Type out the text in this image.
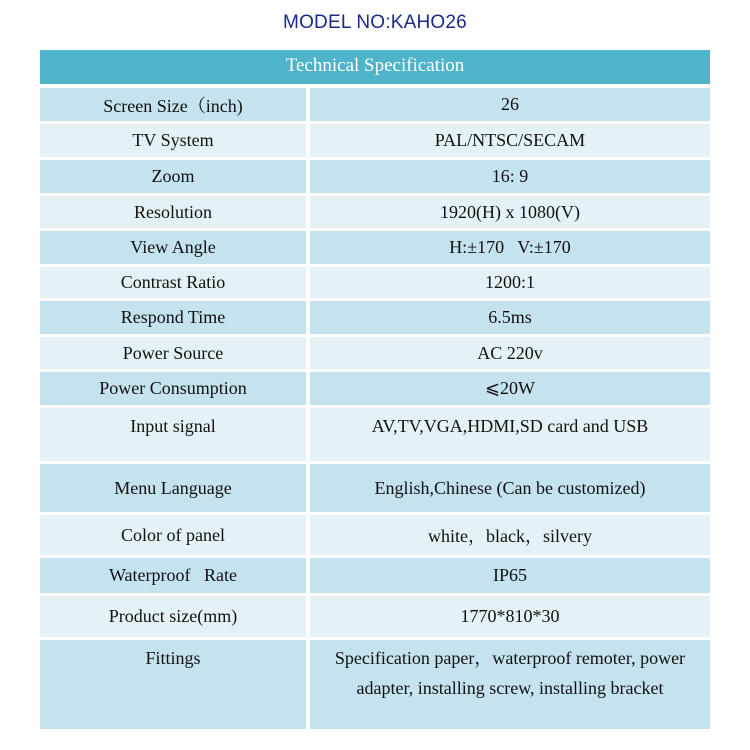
MODEL NO:KAHO26
Technical Specification
Screen Size（inch)	26
TV System	PAL/NTSC/SECAM
Zoom	16: 9
Resolution	1920(H) x 1080(V)
View Angle	H:±170   V:±170
Contrast Ratio	1200:1
Respond Time	6.5ms
Power Source	AC 220v
Power Consumption	⩽20W
Input signal	AV,TV,VGA,HDMI,SD card and USB
Menu Language	English,Chinese (Can be customized)
Color of panel	white，black，silvery
Waterproof   Rate	IP65
Product size(mm)	1770*810*30
Fittings	Specification paper，waterproof remoter, power
adapter, installing screw, installing bracket
